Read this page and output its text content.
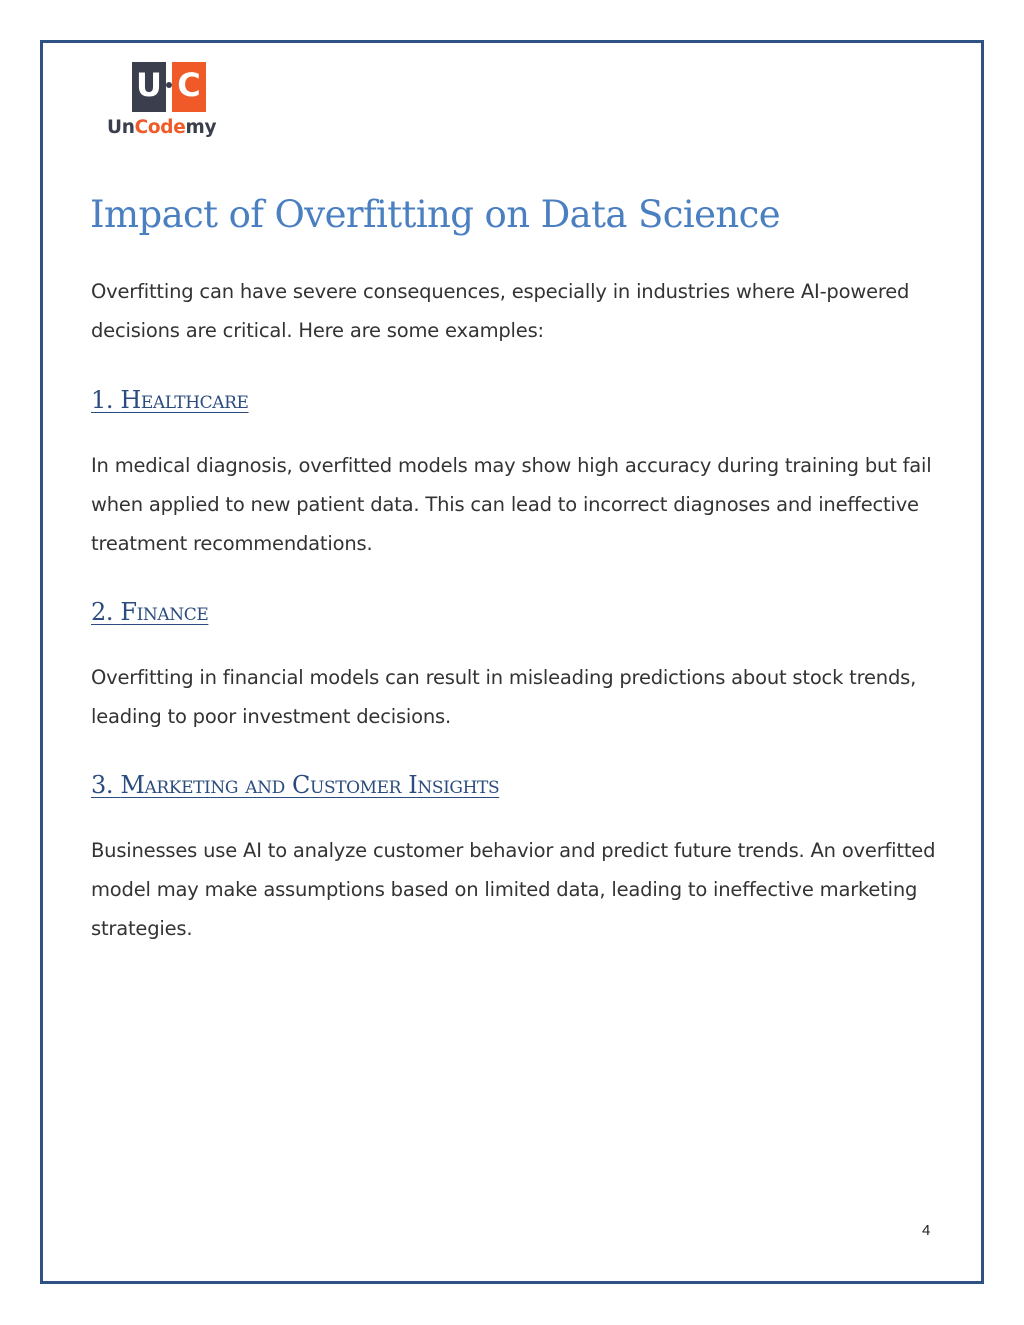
U C
UnCodemy
Impact of Overfitting on Data Science

Overfitting can have severe consequences, especially in industries where AI-powered decisions are critical. Here are some examples:

1. Healthcare

In medical diagnosis, overfitted models may show high accuracy during training but fail when applied to new patient data. This can lead to incorrect diagnoses and ineffective treatment recommendations.

2. Finance

Overfitting in financial models can result in misleading predictions about stock trends, leading to poor investment decisions.

3. Marketing and Customer Insights

Businesses use AI to analyze customer behavior and predict future trends. An overfitted model may make assumptions based on limited data, leading to ineffective marketing strategies.

4
